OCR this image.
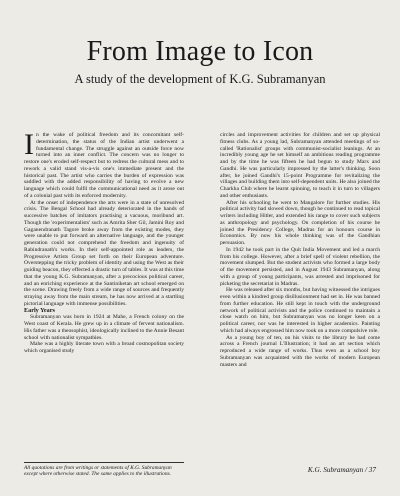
From Image to Icon

A study of the development of K.G. Subramanyan

In the wake of political freedom and its concomitant self-determination, the status of the Indian artist underwent a fundamental change. The struggle against an outside force now turned into an inner conflict. The concern was no longer to restore one's eroded self-respect but to redress the cultural mess and to rework a valid stand vis-a-vis one's immediate present and the historical past. The artist who carries the burden of expression was saddled with the added responsibility of having to evolve a new language which could fulfil the communicational need as it arose out of a colonial past with its enforced modernity.

At the onset of independence the arts were in a state of unresolved crisis. The Bengal School had already deteriorated in the hands of successive batches of imitators practising a vacuous, moribund art. Though the 'experimentalists' such as Amrita Sher Gil, Jamini Roy and Gaganendranath Tagore broke away from the existing modes, they were unable to put forward an alternative language, and the younger generation could not comprehend the freedom and ingenuity of Rabindranath's works. In their self-appointed role as leaders, the Progressive Artists Group set forth on their European adventure. Overstepping the tricky problem of identity and using the West as their guiding beacon, they effected a drastic turn of tables. It was at this time that the young K.G. Subramanyan, after a precocious political career, and an enriching experience at the Santiniketan art school emerged on the scene. Drawing freely from a wide range of sources and frequently straying away from the main stream, he has now arrived at a startling pictorial language with immense possibilities.

Early Years

Subramanyan was born in 1924 at Mahe, a French colony on the West coast of Kerala. He grew up in a climate of fervent nationalism. His father was a theosophist, ideologically inclined to the Annie Besant school with nationalist sympathies.

Mahe was a highly literate town with a broad cosmopolitan society which organised study

circles and improvement activities for children and set up physical fitness clubs. As a young lad, Subramanyan attended meetings of so-called 'Rationalist' groups with communist-socialist leanings. At an incredibly young age he set himself an ambitious reading programme and by the time he was fifteen he had begun to study Marx and Gandhi. He was particularly impressed by the latter's thinking. Soon after, he joined Gandhi's 15-point Programme for revitalizing the villages and building them into self-dependent units. He also joined the Charkha Club where he learnt spinning, to teach it in turn to villagers and other enthusiasts.

After his schooling he went to Mangalore for further studies. His political activity had slowed down, though he continued to read topical writers including Hitler, and extended his range to cover such subjects as anthropology and psychology. On completion of his course he joined the Presidency College, Madras for an honours course in Economics. By now his whole thinking was of the Gandhian persuasion.

In 1942 he took part in the Quit India Movement and led a march from his college. However, after a brief spell of violent rebellion, the movement slumped. But the student activists who formed a large body of the movement persisted, and in August 1943 Subramanyan, along with a group of young participants, was arrested and imprisoned for picketing the secretariat in Madras.

He was released after six months, but having witnessed the intrigues even within a kindred group disillusionment had set in. He was banned from further education. He still kept in touch with the underground network of political activists and the police continued to maintain a close watch on him, but Subramanyan was no longer keen on a political career, nor was he interested in higher academics. Painting which had always engrossed him now took on a more compulsive role.

As a young boy of ten, on his visits to the library he had come across a French journal L'Illustration; it had an art section which reproduced a wide range of works. Thus even as a school boy Subramanyan was acquainted with the works of modern European masters and

All quotations are from writings or statements of K.G. Subramanyan except where otherwise stated. The same applies to the illustrations.

K.G. Subramanyan / 37
